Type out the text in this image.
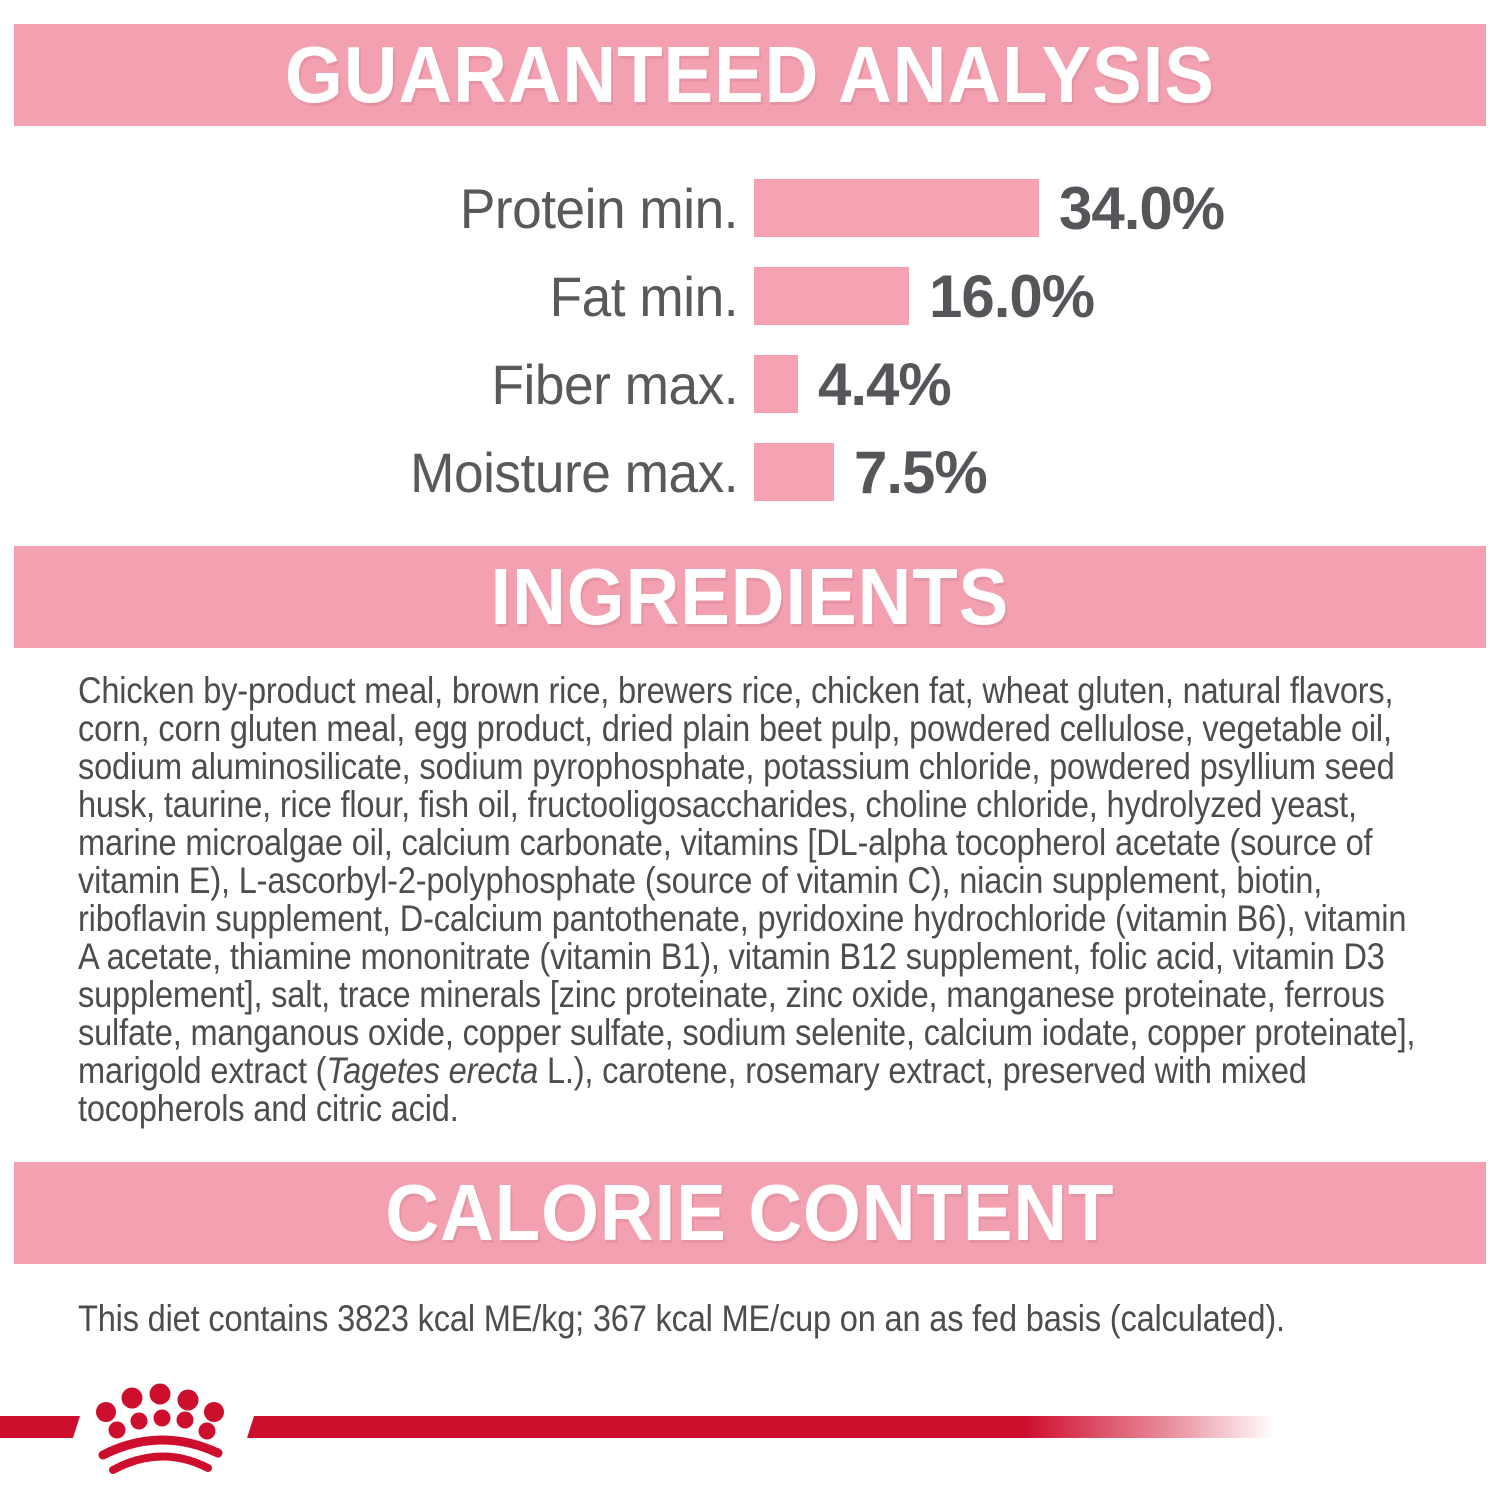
GUARANTEED ANALYSIS
Protein min.	34.0%
Fat min.	16.0%
Fiber max. 4.4%
Moisture max. 7.5%
INGREDIENTS

Chicken by-product meal, brown rice, brewers rice, chicken fat, wheat gluten, natural flavors, corn, corn gluten meal, egg product, dried plain beet pulp, powdered cellulose, vegetable oil, sodium aluminosilicate, sodium pyrophosphate, potassium chloride, powdered psyllium seed husk, taurine, rice flour, fish oil, fructooligosaccharides, choline chloride, hydrolyzed yeast, marine microalgae oil, calcium carbonate, vitamins [DL-alpha tocopherol acetate (source of vitamin E), L-ascorbyl-2-polyphosphate (source of vitamin C), niacin supplement, biotin, riboflavin supplement, D-calcium pantothenate, pyridoxine hydrochloride (vitamin B6), vitamin A acetate, thiamine mononitrate (vitamin B1), vitamin B12 supplement, folic acid, vitamin D3 supplement], salt, trace minerals [zinc proteinate, zinc oxide, manganese proteinate, ferrous sulfate, manganous oxide, copper sulfate, sodium selenite, calcium iodate, copper proteinate], marigold extract (Tagetes erecta L.), carotene, rosemary extract, preserved with mixed tocopherols and citric acid.

CALORIE CONTENT

This diet contains 3823 kcal ME/kg; 367 kcal ME/cup on an as fed basis (calculated).
